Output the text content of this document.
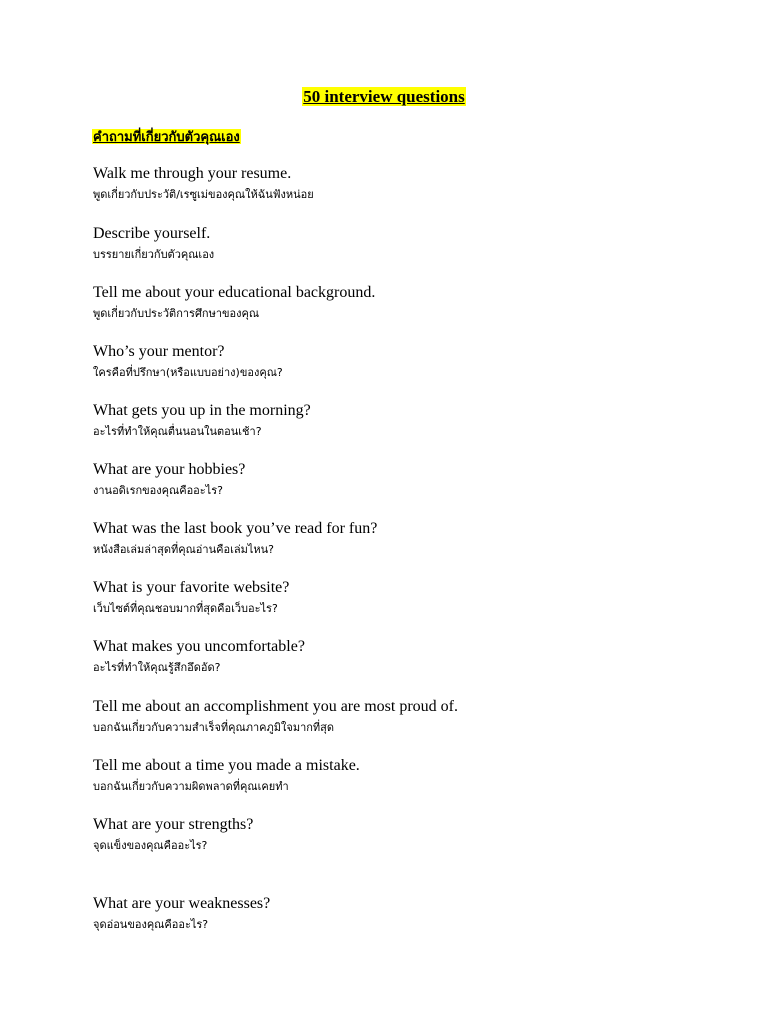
50 interview questions
คำถามที่เกี่ยวกับตัวคุณเอง
Walk me through your resume.
พูดเกี่ยวกับประวัติ/เรซูเม่ของคุณให้ฉันฟังหน่อย
Describe yourself.
บรรยายเกี่ยวกับตัวคุณเอง
Tell me about your educational background.
พูดเกี่ยวกับประวัติการศึกษาของคุณ
Who’s your mentor?
ใครคือที่ปรึกษา(หรือแบบอย่าง)ของคุณ?
What gets you up in the morning?
อะไรที่ทำให้คุณตื่นนอนในตอนเช้า?
What are your hobbies?
งานอดิเรกของคุณคืออะไร?
What was the last book you’ve read for fun?
หนังสือเล่มล่าสุดที่คุณอ่านคือเล่มไหน?
What is your favorite website?
เว็บไซต์ที่คุณชอบมากที่สุดคือเว็บอะไร?
What makes you uncomfortable?
อะไรที่ทำให้คุณรู้สึกอึดอัด?
Tell me about an accomplishment you are most proud of.
บอกฉันเกี่ยวกับความสำเร็จที่คุณภาคภูมิใจมากที่สุด
Tell me about a time you made a mistake.
บอกฉันเกี่ยวกับความผิดพลาดที่คุณเคยทำ
What are your strengths?
จุดแข็งของคุณคืออะไร?
What are your weaknesses?
จุดอ่อนของคุณคืออะไร?
